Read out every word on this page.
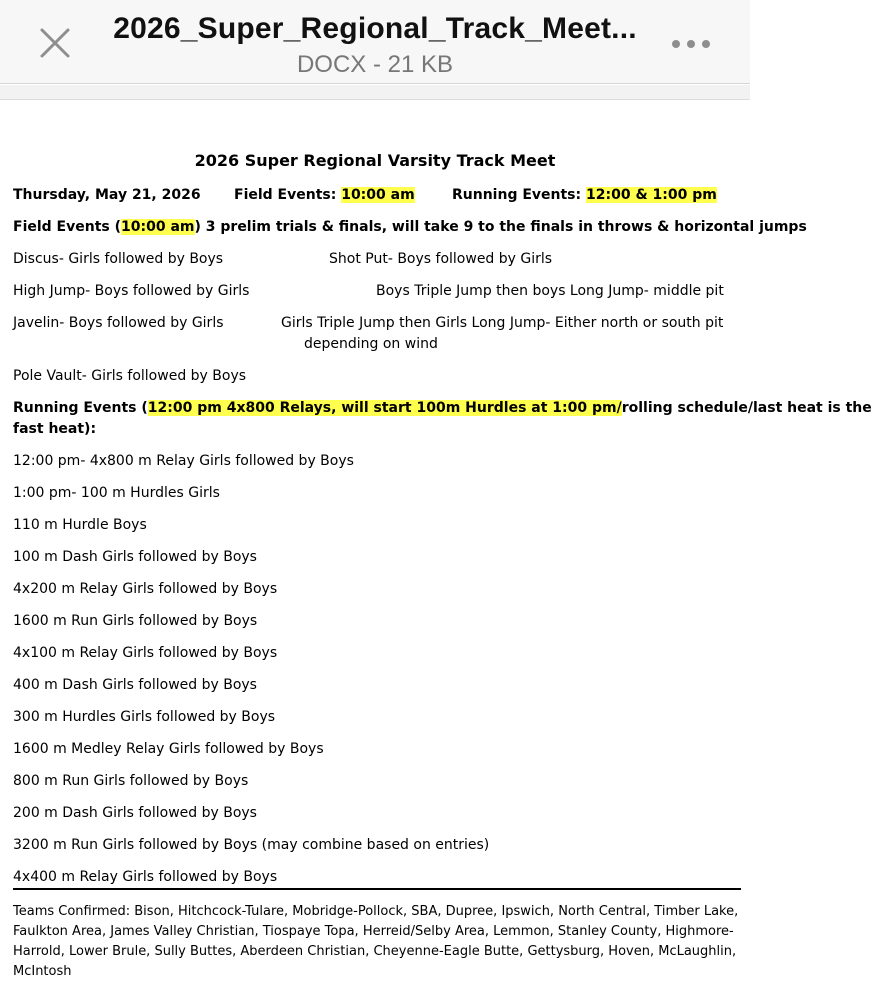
2026_Super_Regional_Track_Meet...
DOCX - 21 KB
2026 Super Regional Varsity Track Meet
Thursday, May 21, 2026 Field Events: 10:00 am	Running Events: 12:00 & 1:00 pm
Field Events (10:00 am) 3 prelim trials & finals, will take 9 to the finals in throws & horizontal jumps
Discus- Girls followed by Boys	Shot Put- Boys followed by Girls
High Jump- Boys followed by Girls	Boys Triple Jump then boys Long Jump- middle pit
Javelin- Boys followed by Girls	Girls Triple Jump then Girls Long Jump- Either north or south pit
depending on wind
Pole Vault- Girls followed by Boys
Running Events (12:00 pm 4x800 Relays, will start 100m Hurdles at 1:00 pm/rolling schedule/last heat is the
fast heat):
12:00 pm- 4x800 m Relay Girls followed by Boys
1:00 pm- 100 m Hurdles Girls
110 m Hurdle Boys
100 m Dash Girls followed by Boys
4x200 m Relay Girls followed by Boys
1600 m Run Girls followed by Boys
4x100 m Relay Girls followed by Boys
400 m Dash Girls followed by Boys
300 m Hurdles Girls followed by Boys
1600 m Medley Relay Girls followed by Boys
800 m Run Girls followed by Boys
200 m Dash Girls followed by Boys
3200 m Run Girls followed by Boys (may combine based on entries)
4x400 m Relay Girls followed by Boys
Teams Confirmed: Bison, Hitchcock-Tulare, Mobridge-Pollock, SBA, Dupree, Ipswich, North Central, Timber Lake, Faulkton Area, James Valley Christian, Tiospaye Topa, Herreid/Selby Area, Lemmon, Stanley County, Highmore-Harrold, Lower Brule, Sully Buttes, Aberdeen Christian, Cheyenne-Eagle Butte, Gettysburg, Hoven, McLaughlin, McIntosh
